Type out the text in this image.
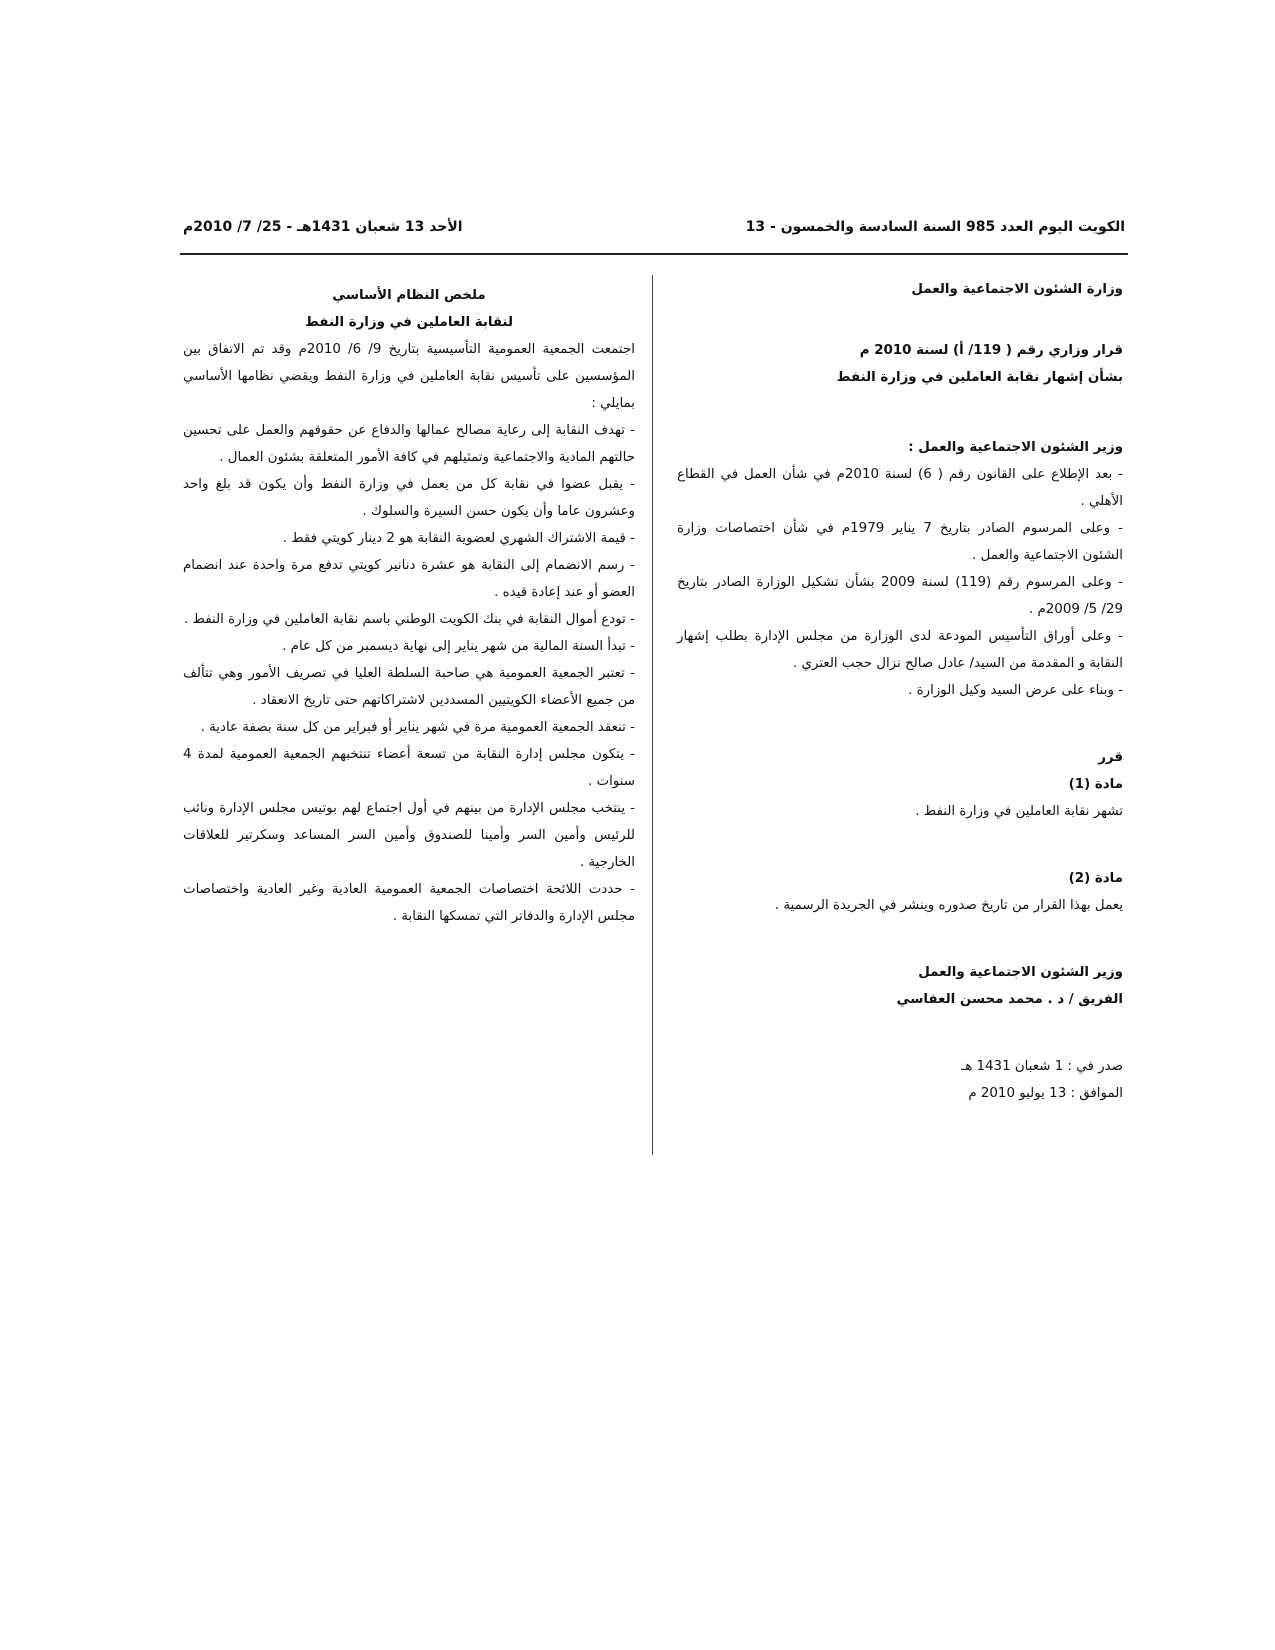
الكويت اليوم العدد 985 السنة السادسة والخمسون - 13
الأحد 13 شعبان 1431هـ - 25/ 7/ 2010م

وزارة الشئون الاجتماعية والعمل

قرار وزاري رقم ( 119/ أ) لسنة 2010 م

بشأن إشهار نقابة العاملين في وزارة النفط

وزير الشئون الاجتماعية والعمل :

- بعد الإطلاع على القانون رقم ( 6) لسنة 2010م في شأن العمل في القطاع الأهلي .

- وعلى المرسوم الصادر بتاريخ 7 يناير 1979م في شأن اختصاصات وزارة الشئون الاجتماعية والعمل .

- وعلى المرسوم رقم (119) لسنة 2009 بشأن تشكيل الوزارة الصادر بتاريخ 29/ 5/ 2009م .

- وعلى أوراق التأسيس المودعة لدى الوزارة من مجلس الإدارة بطلب إشهار النقابة و المقدمة من السيد/ عادل صالح نزال حجب العتري .

- وبناء على عرض السيد وكيل الوزارة .

قرر

مادة (1)

تشهر نقابة العاملين في وزارة النفط .

مادة (2)

يعمل بهذا القرار من تاريخ صدوره وينشر في الجريدة الرسمية .

وزير الشئون الاجتماعية والعمل

الفريق / د . محمد محسن العفاسي

صدر في : 1 شعبان 1431 هـ

الموافق : 13 يوليو 2010 م

ملخص النظام الأساسي

لنقابة العاملين في وزارة النفط

اجتمعت الجمعية العمومية التأسيسية بتاريخ 9/ 6/ 2010م وقد تم الاتفاق بين المؤسسين على تأسيس نقابة العاملين في وزارة النفط ويقضي نظامها الأساسي بمايلي :

- تهدف النقابة إلى رعاية مصالح عمالها والدفاع عن حقوقهم والعمل على تحسين حالتهم المادية والاجتماعية وتمثيلهم في كافة الأمور المتعلقة بشئون العمال .

- يقبل عضوا في نقابة كل من يعمل في وزارة النفط وأن يكون قد بلغ واحد وعشرون عاما وأن يكون حسن السيرة والسلوك .

- قيمة الاشتراك الشهري لعضوية النقابة هو 2 دينار كويتي فقط .

- رسم الانضمام إلى النقابة هو عشرة دنانير كويتي تدفع مرة واحدة عند انضمام العضو أو عند إعادة قيده .

- تودع أموال النقابة في بنك الكويت الوطني باسم نقابة العاملين في وزارة النفط .

- تبدأ السنة المالية من شهر يناير إلى نهاية ديسمبر من كل عام .

- تعتبر الجمعية العمومية هي صاحبة السلطة العليا في تصريف الأمور وهي تتألف من جميع الأعضاء الكويتيين المسددين لاشتراكاتهم حتى تاريخ الانعقاد .

- تنعقد الجمعية العمومية مرة في شهر يناير أو فبراير من كل سنة بصفة عادية .

- يتكون مجلس إدارة النقابة من تسعة أعضاء تنتخبهم الجمعية العمومية لمدة 4 سنوات .

- ينتخب مجلس الإدارة من بينهم في أول اجتماع لهم بوتيس مجلس الإدارة ونائب للرئيس وأمين السر وأمينا للصندوق وأمين السر المساعد وسكرتير للعلاقات الخارجية .

- حددت اللائحة اختصاصات الجمعية العمومية العادية وغير العادية واختصاصات مجلس الإدارة والدفاتر التي تمسكها النقابة .
